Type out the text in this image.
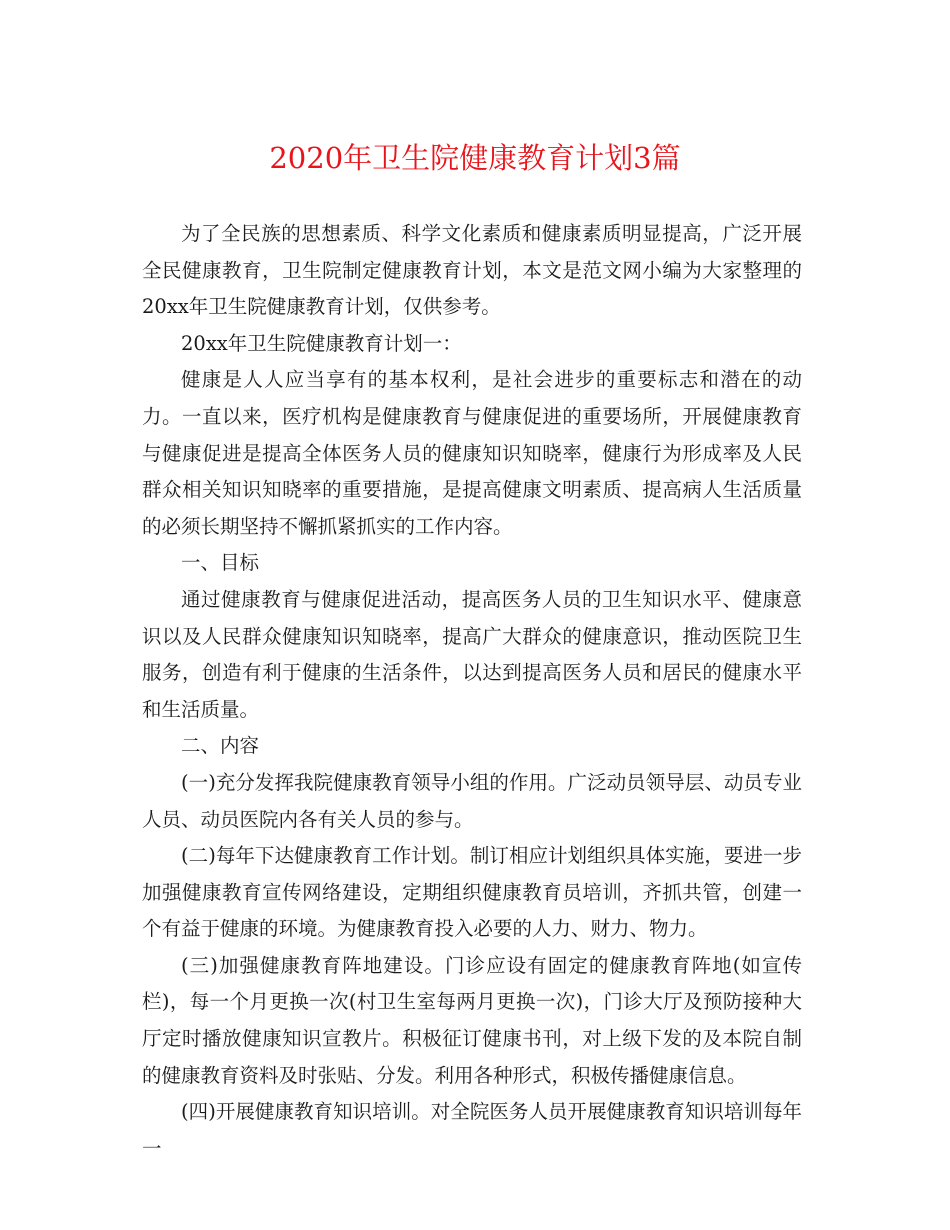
2020年卫生院健康教育计划3篇

为了全民族的思想素质、科学文化素质和健康素质明显提高，广泛开展全民健康教育，卫生院制定健康教育计划，本文是范文网小编为大家整理的20xx年卫生院健康教育计划，仅供参考。

20xx年卫生院健康教育计划一：

健康是人人应当享有的基本权利，是社会进步的重要标志和潜在的动力。一直以来，医疗机构是健康教育与健康促进的重要场所，开展健康教育与健康促进是提高全体医务人员的健康知识知晓率，健康行为形成率及人民群众相关知识知晓率的重要措施，是提高健康文明素质、提高病人生活质量的必须长期坚持不懈抓紧抓实的工作内容。

一、目标

通过健康教育与健康促进活动，提高医务人员的卫生知识水平、健康意识以及人民群众健康知识知晓率，提高广大群众的健康意识，推动医院卫生服务，创造有利于健康的生活条件，以达到提高医务人员和居民的健康水平和生活质量。

二、内容

(一)充分发挥我院健康教育领导小组的作用。广泛动员领导层、动员专业人员、动员医院内各有关人员的参与。

(二)每年下达健康教育工作计划。制订相应计划组织具体实施，要进一步加强健康教育宣传网络建设，定期组织健康教育员培训，齐抓共管，创建一个有益于健康的环境。为健康教育投入必要的人力、财力、物力。

(三)加强健康教育阵地建设。门诊应设有固定的健康教育阵地(如宣传栏)，每一个月更换一次(村卫生室每两月更换一次)，门诊大厅及预防接种大厅定时播放健康知识宣教片。积极征订健康书刊，对上级下发的及本院自制的健康教育资料及时张贴、分发。利用各种形式，积极传播健康信息。

(四)开展健康教育知识培训。对全院医务人员开展健康教育知识培训每年一
